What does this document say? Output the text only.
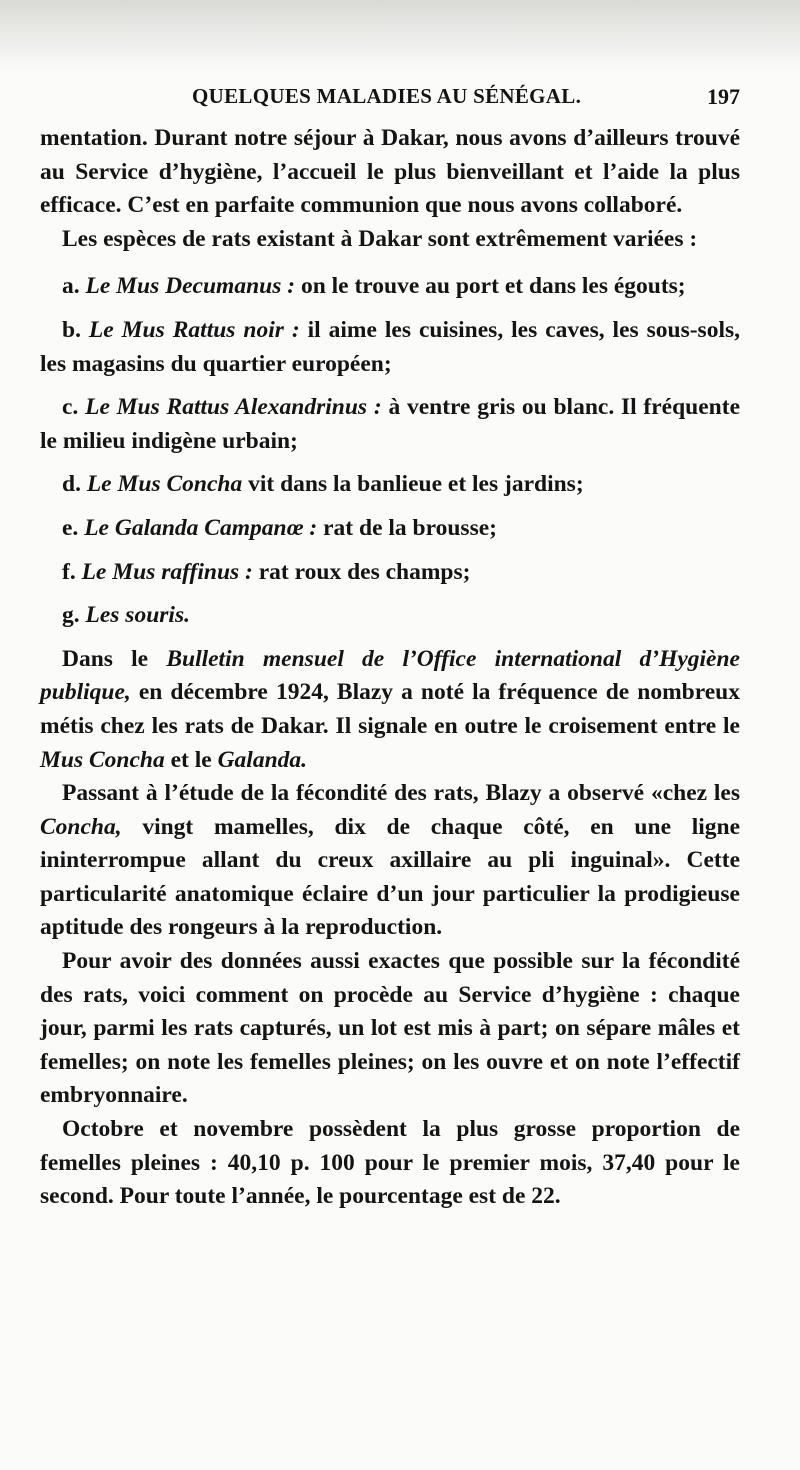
QUELQUES MALADIES AU SÉNÉGAL.	197

mentation. Durant notre séjour à Dakar, nous avons d’ailleurs trouvé au Service d’hygiène, l’accueil le plus bienveillant et l’aide la plus efficace. C’est en parfaite communion que nous avons collaboré.

Les espèces de rats existant à Dakar sont extrêmement variées :

a. Le Mus Decumanus : on le trouve au port et dans les égouts;

b. Le Mus Rattus noir : il aime les cuisines, les caves, les sous-sols, les magasins du quartier européen;

c. Le Mus Rattus Alexandrinus : à ventre gris ou blanc. Il fréquente le milieu indigène urbain;

d. Le Mus Concha vit dans la banlieue et les jardins;

e. Le Galanda Campanœ : rat de la brousse;

f. Le Mus raffinus : rat roux des champs;

g. Les souris.

Dans le Bulletin mensuel de l’Office international d’Hygiène publique, en décembre 1924, Blazy a noté la fréquence de nombreux métis chez les rats de Dakar. Il signale en outre le croisement entre le Mus Concha et le Galanda.

Passant à l’étude de la fécondité des rats, Blazy a observé «chez les Concha, vingt mamelles, dix de chaque côté, en une ligne ininterrompue allant du creux axillaire au pli inguinal». Cette particularité anatomique éclaire d’un jour particulier la prodigieuse aptitude des rongeurs à la reproduction.

Pour avoir des données aussi exactes que possible sur la fécondité des rats, voici comment on procède au Service d’hygiène : chaque jour, parmi les rats capturés, un lot est mis à part; on sépare mâles et femelles; on note les femelles pleines; on les ouvre et on note l’effectif embryonnaire.

Octobre et novembre possèdent la plus grosse proportion de femelles pleines : 40,10 p. 100 pour le premier mois, 37,40 pour le second. Pour toute l’année, le pourcentage est de 22.
